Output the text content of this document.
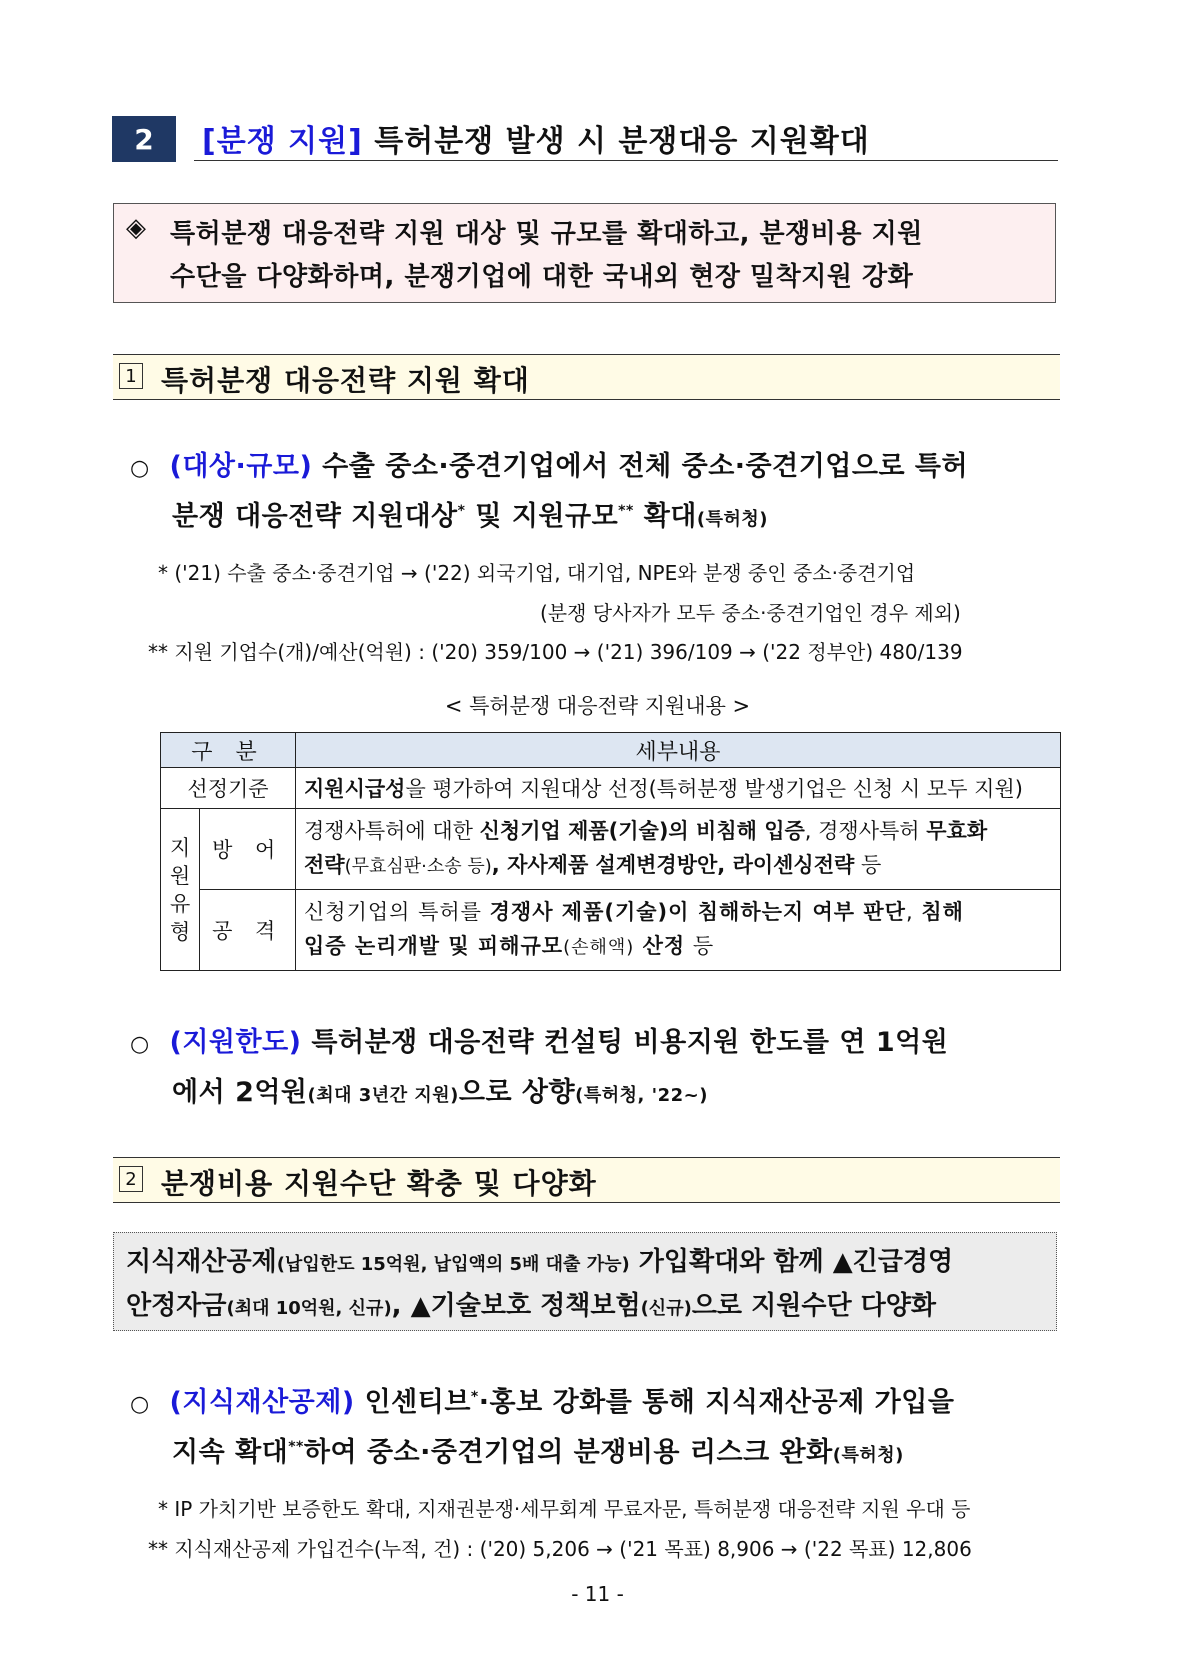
2	[분쟁 지원] 특허분쟁 발생 시 분쟁대응 지원확대
◈ 특허분쟁 대응전략 지원 대상 및 규모를 확대하고, 분쟁비용 지원
수단을 다양화하며, 분쟁기업에 대한 국내외 현장 밀착지원 강화
1 특허분쟁 대응전략 지원 확대
○ (대상·규모) 수출 중소·중견기업에서 전체 중소·중견기업으로 특허
분쟁 대응전략 지원대상* 및 지원규모** 확대(특허청)
* ('21) 수출 중소·중견기업 → ('22) 외국기업, 대기업, NPE와 분쟁 중인 중소·중견기업
(분쟁 당사자가 모두 중소·중견기업인 경우 제외)
** 지원 기업수(개)/예산(억원) : ('20) 359/100 → ('21) 396/109 → ('22 정부안) 480/139
< 특허분쟁 대응전략 지원내용 >
구 분		세부내용
선정기준		지원시급성을 평가하여 지원대상 선정(특허분쟁 발생기업은 신청 시 모두 지원)
지
원
유
형	방 어	경쟁사특허에 대한 신청기업 제품(기술)의 비침해 입증, 경쟁사특허 무효화
전략(무효심판·소송 등), 자사제품 설계변경방안, 라이센싱전략 등
	공 격	신청기업의 특허를 경쟁사 제품(기술)이 침해하는지 여부 판단, 침해
입증 논리개발 및 피해규모(손해액) 산정 등
○ (지원한도) 특허분쟁 대응전략 컨설팅 비용지원 한도를 연 1억원
에서 2억원(최대 3년간 지원)으로 상향(특허청, '22~)
2 분쟁비용 지원수단 확충 및 다양화
지식재산공제(납입한도 15억원, 납입액의 5배 대출 가능) 가입확대와 함께 ▲긴급경영
안정자금(최대 10억원, 신규), ▲기술보호 정책보험(신규)으로 지원수단 다양화
○ (지식재산공제) 인센티브*·홍보 강화를 통해 지식재산공제 가입을
지속 확대**하여 중소·중견기업의 분쟁비용 리스크 완화(특허청)
* IP 가치기반 보증한도 확대, 지재권분쟁·세무회계 무료자문, 특허분쟁 대응전략 지원 우대 등
** 지식재산공제 가입건수(누적, 건) : ('20) 5,206 → ('21 목표) 8,906 → ('22 목표) 12,806
- 11 -
